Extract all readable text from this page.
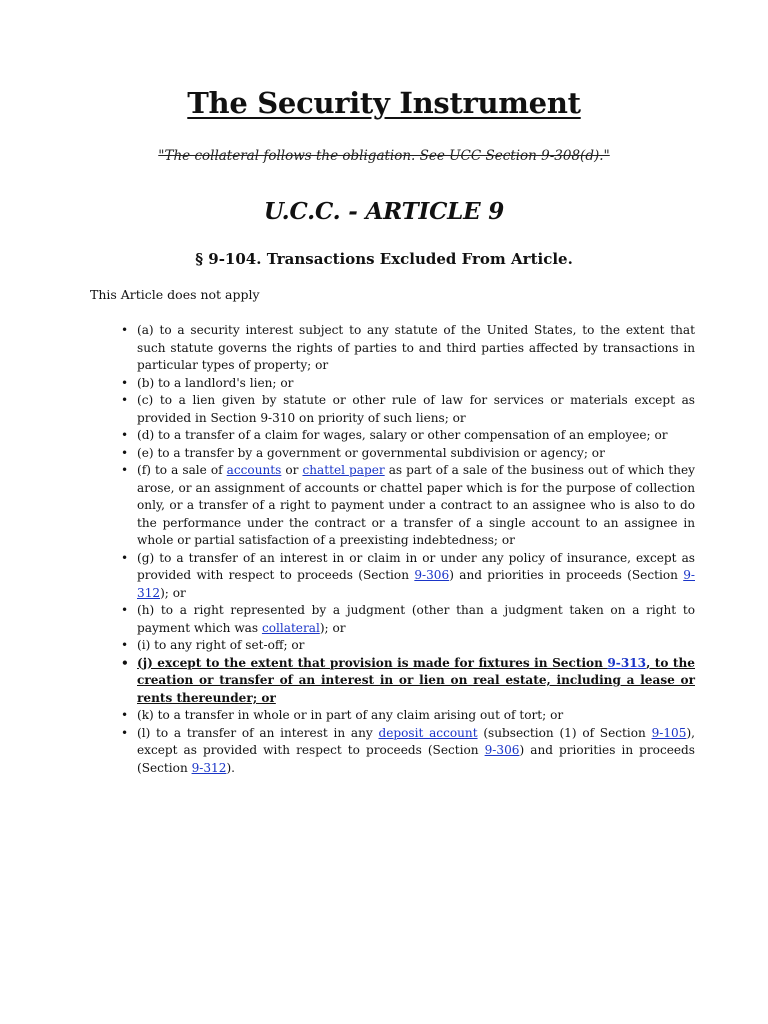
The Security Instrument
"The collateral follows the obligation. See UCC Section 9-308(d)."
U.C.C. - ARTICLE 9
§ 9-104. Transactions Excluded From Article.

This Article does not apply

• (a) to a security interest subject to any statute of the United States, to the extent that such statute governs the rights of parties to and third parties affected by transactions in particular types of property; or
• (b) to a landlord's lien; or
• (c) to a lien given by statute or other rule of law for services or materials except as provided in Section 9-310 on priority of such liens; or
• (d) to a transfer of a claim for wages, salary or other compensation of an employee; or
• (e) to a transfer by a government or governmental subdivision or agency; or
• (f) to a sale of accounts or chattel paper as part of a sale of the business out of which they arose, or an assignment of accounts or chattel paper which is for the purpose of collection only, or a transfer of a right to payment under a contract to an assignee who is also to do the performance under the contract or a transfer of a single account to an assignee in whole or partial satisfaction of a preexisting indebtedness; or
• (g) to a transfer of an interest in or claim in or under any policy of insurance, except as provided with respect to proceeds (Section 9-306) and priorities in proceeds (Section 9-312); or
• (h) to a right represented by a judgment (other than a judgment taken on a right to payment which was collateral); or
• (i) to any right of set-off; or
• (j) except to the extent that provision is made for fixtures in Section 9-313, to the creation or transfer of an interest in or lien on real estate, including a lease or rents thereunder; or
• (k) to a transfer in whole or in part of any claim arising out of tort; or
• (l) to a transfer of an interest in any deposit account (subsection (1) of Section 9-105), except as provided with respect to proceeds (Section 9-306) and priorities in proceeds (Section 9-312).
